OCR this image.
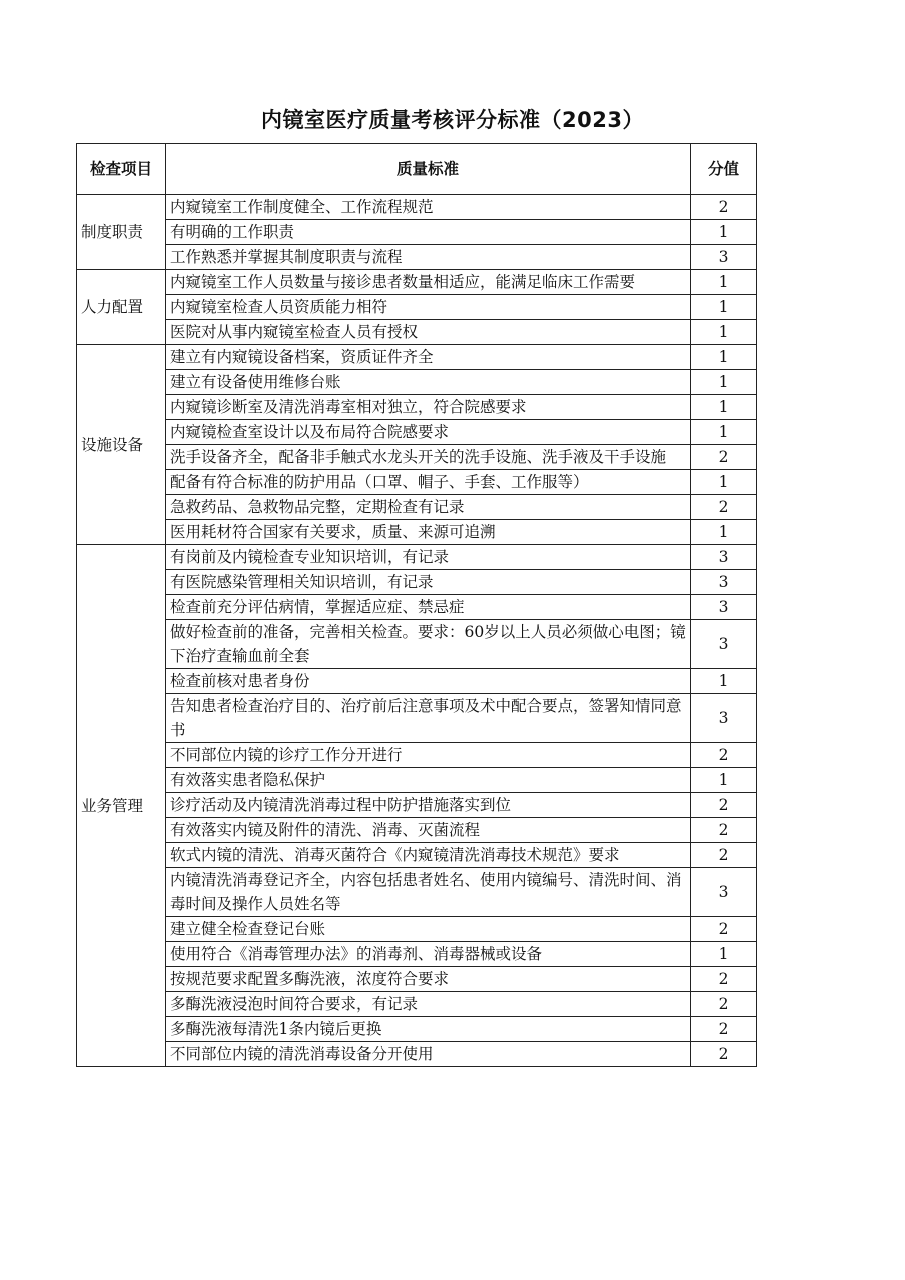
内镜室医疗质量考核评分标准（2023）
检查项目	质量标准	分值
制度职责	内窥镜室工作制度健全、工作流程规范	2
	有明确的工作职责	1
	工作熟悉并掌握其制度职责与流程	3
人力配置	内窥镜室工作人员数量与接诊患者数量相适应，能满足临床工作需要	1
	内窥镜室检查人员资质能力相符	1
	医院对从事内窥镜室检查人员有授权	1
设施设备	建立有内窥镜设备档案，资质证件齐全	1
	建立有设备使用维修台账	1
	内窥镜诊断室及清洗消毒室相对独立，符合院感要求	1
	内窥镜检查室设计以及布局符合院感要求	1
	洗手设备齐全，配备非手触式水龙头开关的洗手设施、洗手液及干手设施	2
	配备有符合标准的防护用品（口罩、帽子、手套、工作服等）	1
	急救药品、急救物品完整，定期检查有记录	2
	医用耗材符合国家有关要求，质量、来源可追溯	1
业务管理	有岗前及内镜检查专业知识培训，有记录	3
	有医院感染管理相关知识培训，有记录	3
	检查前充分评估病情，掌握适应症、禁忌症	3
	做好检查前的准备，完善相关检查。要求：60岁以上人员必须做心电图；镜下治疗查输血前全套	3
	检查前核对患者身份	1
	告知患者检查治疗目的、治疗前后注意事项及术中配合要点，签署知情同意书	3
	不同部位内镜的诊疗工作分开进行	2
	有效落实患者隐私保护	1
	诊疗活动及内镜清洗消毒过程中防护措施落实到位	2
	有效落实内镜及附件的清洗、消毒、灭菌流程	2
	软式内镜的清洗、消毒灭菌符合《内窥镜清洗消毒技术规范》要求	2
	内镜清洗消毒登记齐全，内容包括患者姓名、使用内镜编号、清洗时间、消毒时间及操作人员姓名等	3
	建立健全检查登记台账	2
	使用符合《消毒管理办法》的消毒剂、消毒器械或设备	1
	按规范要求配置多酶洗液，浓度符合要求	2
	多酶洗液浸泡时间符合要求，有记录	2
	多酶洗液每清洗1条内镜后更换	2
	不同部位内镜的清洗消毒设备分开使用	2
